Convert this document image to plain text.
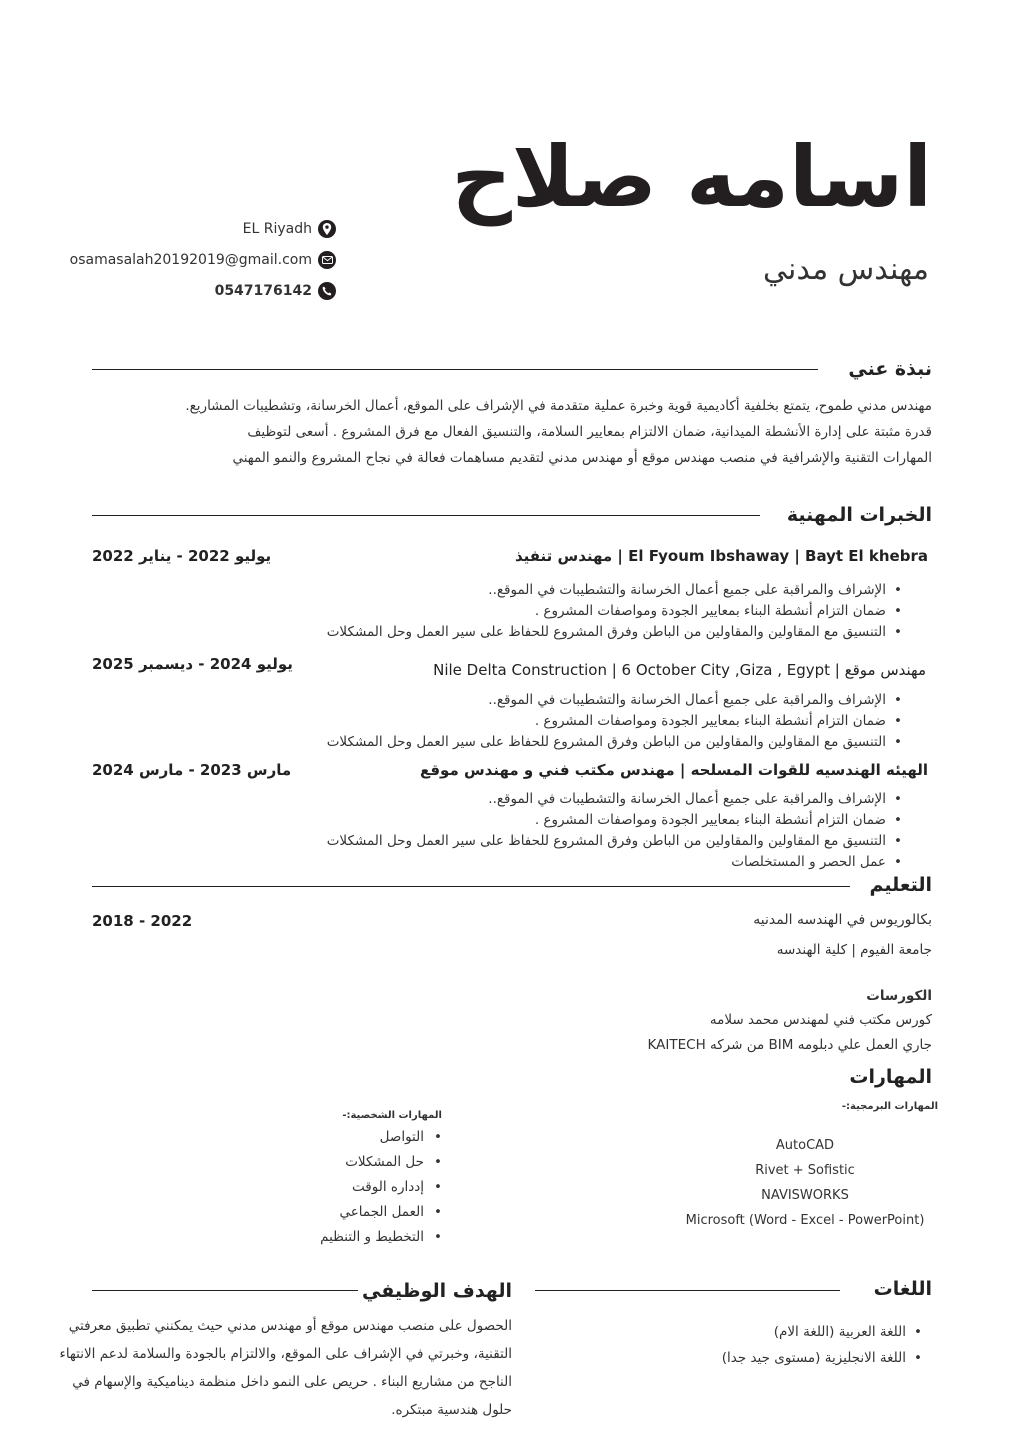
اسامه صلاح
مهندس مدني
EL Riyadh
osamasalah20192019@gmail.com
0547176142
نبذة عني
مهندس مدني طموح، يتمتع بخلفية أكاديمية قوية وخبرة عملية متقدمة في الإشراف على الموقع، أعمال الخرسانة، وتشطيبات المشاريع.
قدرة مثبتة على إدارة الأنشطة الميدانية، ضمان الالتزام بمعايير السلامة، والتنسيق الفعال مع فرق المشروع . أسعى لتوظيف
المهارات التقنية والإشرافية في منصب مهندس موقع أو مهندس مدني لتقديم مساهمات فعالة في نجاح المشروع والنمو المهني
الخبرات المهنية
El Fyoum Ibshaway | Bayt El khebra | مهندس تنفيذ
يوليو 2022 - يناير 2022
• الإشراف والمراقبة على جميع أعمال الخرسانة والتشطيبات في الموقع..
• ضمان التزام أنشطة البناء بمعايير الجودة ومواصفات المشروع .
• التنسيق مع المقاولين والمقاولين من الباطن وفرق المشروع للحفاظ على سير العمل وحل المشكلات
مهندس موقع | Nile Delta Construction | 6 October City ,Giza , Egypt
يوليو 2024 - ديسمبر 2025
• الإشراف والمراقبة على جميع أعمال الخرسانة والتشطيبات في الموقع..
• ضمان التزام أنشطة البناء بمعايير الجودة ومواصفات المشروع .
• التنسيق مع المقاولين والمقاولين من الباطن وفرق المشروع للحفاظ على سير العمل وحل المشكلات
الهيئه الهندسيه للقوات المسلحه | مهندس مكتب فني و مهندس موقع
مارس 2023 - مارس 2024
• الإشراف والمراقبة على جميع أعمال الخرسانة والتشطيبات في الموقع..
• ضمان التزام أنشطة البناء بمعايير الجودة ومواصفات المشروع .
• التنسيق مع المقاولين والمقاولين من الباطن وفرق المشروع للحفاظ على سير العمل وحل المشكلات
• عمل الحصر و المستخلصات
التعليم
بكالوريوس في الهندسه المدنيه
2018 - 2022
جامعة الفيوم | كلية الهندسه
الكورسات
كورس مكتب فني لمهندس محمد سلامه
جاري العمل علي دبلومه BIM من شركه KAITECH
المهارات
المهارات البرمجية:-
AutoCAD
Rivet + Sofistic
NAVISWORKS
Microsoft (Word - Excel - PowerPoint)
المهارات الشخصية:-
• التواصل
• حل المشكلات
• إدداره الوقت
• العمل الجماعي
• التخطيط و التنظيم
اللغات
• اللغة العربية (اللغة الام)
• اللغة الانجليزية (مستوى جيد جدا)
الهدف الوظيفي
الحصول على منصب مهندس موقع أو مهندس مدني حيث يمكنني تطبيق معرفتي
التقنية، وخبرتي في الإشراف على الموقع، والالتزام بالجودة والسلامة لدعم الانتهاء
الناجح من مشاريع البناء . حريص على النمو داخل منظمة ديناميكية والإسهام في
حلول هندسية مبتكره.
